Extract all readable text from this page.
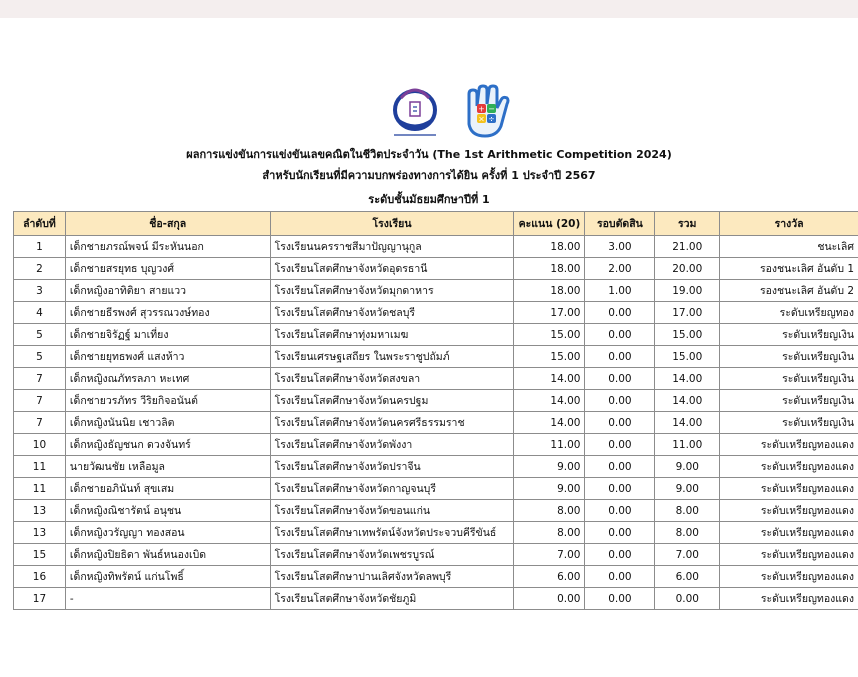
+ −
× ÷
ผลการแข่งขันการแข่งขันเลขคณิตในชีวิตประจำวัน (The 1st Arithmetic Competition 2024)
สำหรับนักเรียนที่มีความบกพร่องทางการได้ยิน ครั้งที่ 1 ประจำปี 2567
ระดับชั้นมัธยมศึกษาปีที่ 1
ลำดับที่	ชื่อ-สกุล	โรงเรียน	คะแนน (20)	รอบตัดสิน	รวม	รางวัล
1	เด็กชายภรณ์พจน์ มีระหันนอก	โรงเรียนนครราชสีมาปัญญานุกูล	18.00	3.00	21.00	ชนะเลิศ
2	เด็กชายสรยุทธ บุญวงศ์	โรงเรียนโสตศึกษาจังหวัดอุดรธานี	18.00	2.00	20.00	รองชนะเลิศ อันดับ 1
3	เด็กหญิงอาทิติยา สายแวว	โรงเรียนโสตศึกษาจังหวัดมุกดาหาร	18.00	1.00	19.00	รองชนะเลิศ อันดับ 2
4	เด็กชายธีรพงศ์ สุวรรณวงษ์ทอง	โรงเรียนโสตศึกษาจังหวัดชลบุรี	17.00	0.00	17.00	ระดับเหรียญทอง
5	เด็กชายจิรัฏฐ์ มาเที่ยง	โรงเรียนโสตศึกษาทุ่งมหาเมฆ	15.00	0.00	15.00	ระดับเหรียญเงิน
5	เด็กชายยุทธพงศ์ แสงห้าว	โรงเรียนเศรษฐเสถียร ในพระราชูปถัมภ์	15.00	0.00	15.00	ระดับเหรียญเงิน
7	เด็กหญิงณภัทรลภา หะเทศ	โรงเรียนโสตศึกษาจังหวัดสงขลา	14.00	0.00	14.00	ระดับเหรียญเงิน
7	เด็กชายวรภัทร วีริยกิจอนันต์	โรงเรียนโสตศึกษาจังหวัดนครปฐม	14.00	0.00	14.00	ระดับเหรียญเงิน
7	เด็กหญิงนันนิย เชาวลิต	โรงเรียนโสตศึกษาจังหวัดนครศรีธรรมราช	14.00	0.00	14.00	ระดับเหรียญเงิน
10	เด็กหญิงธัญชนก ดวงจันทร์	โรงเรียนโสตศึกษาจังหวัดพังงา	11.00	0.00	11.00	ระดับเหรียญทองแดง
11	นายวัฒนชัย เหลือมูล	โรงเรียนโสตศึกษาจังหวัดปราจีน	9.00	0.00	9.00	ระดับเหรียญทองแดง
11	เด็กชายอภินันท์ สุขเสม	โรงเรียนโสตศึกษาจังหวัดกาญจนบุรี	9.00	0.00	9.00	ระดับเหรียญทองแดง
13	เด็กหญิงณิชารัตน์ อนุชน	โรงเรียนโสตศึกษาจังหวัดขอนแก่น	8.00	0.00	8.00	ระดับเหรียญทองแดง
13	เด็กหญิงวรัญญา ทองสอน	โรงเรียนโสตศึกษาเทพรัตน์จังหวัดประจวบคีรีขันธ์	8.00	0.00	8.00	ระดับเหรียญทองแดง
15	เด็กหญิงปิยธิดา พันธ์หนองเบิด	โรงเรียนโสตศึกษาจังหวัดเพชรบูรณ์	7.00	0.00	7.00	ระดับเหรียญทองแดง
16	เด็กหญิงทิพรัตน์ แก่นโพธิ์	โรงเรียนโสตศึกษาปานเลิศจังหวัดลพบุรี	6.00	0.00	6.00	ระดับเหรียญทองแดง
17	-	โรงเรียนโสตศึกษาจังหวัดชัยภูมิ	0.00	0.00	0.00	ระดับเหรียญทองแดง
